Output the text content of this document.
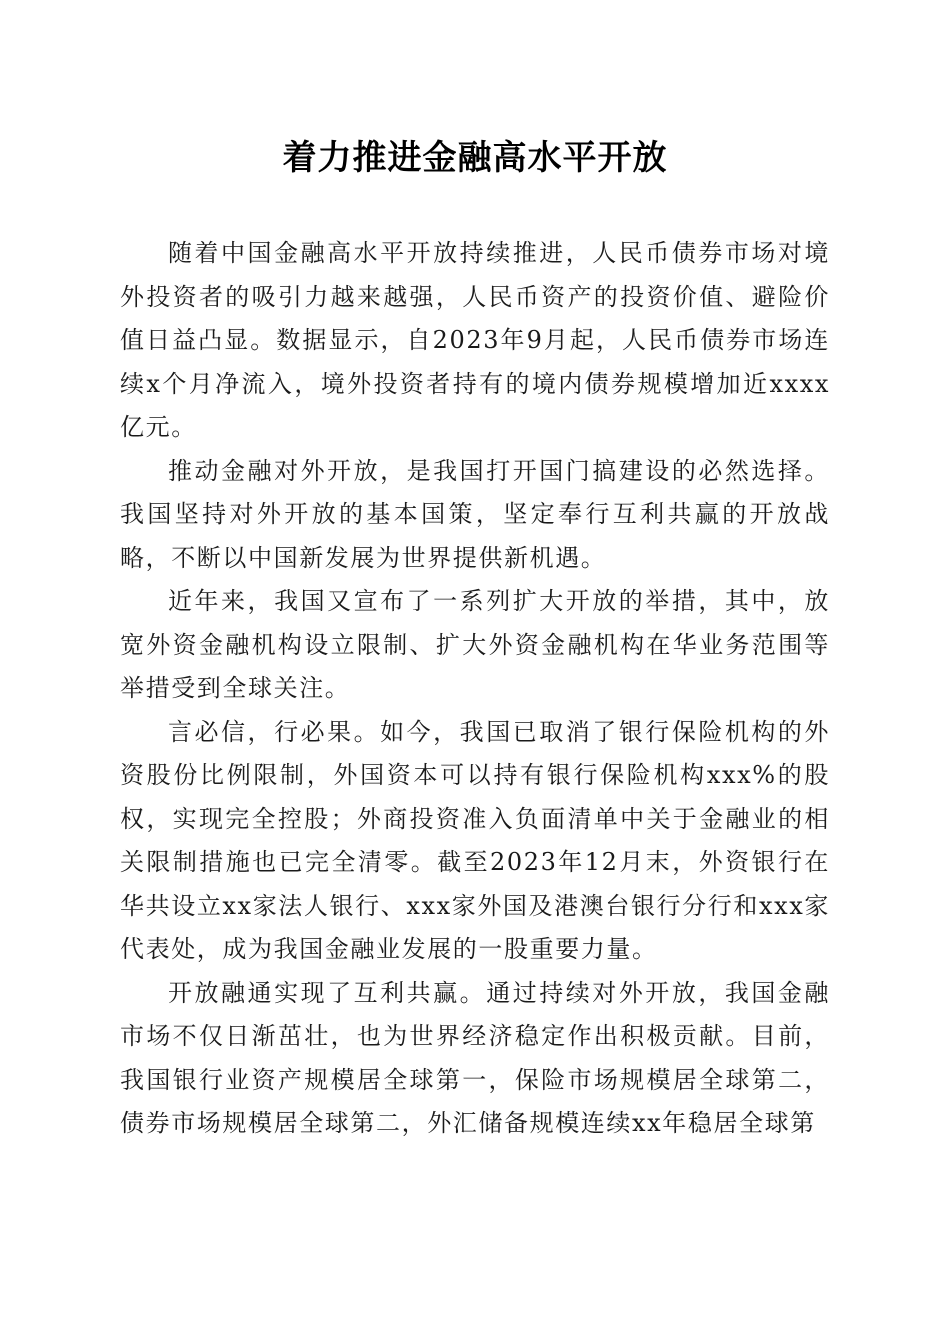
着力推进金融高水平开放

随着中国金融高水平开放持续推进，人民币债券市场对境外投资者的吸引力越来越强，人民币资产的投资价值、避险价值日益凸显。数据显示，自2023年9月起，人民币债券市场连续x个月净流入，境外投资者持有的境内债券规模增加近xxxx亿元。

推动金融对外开放，是我国打开国门搞建设的必然选择。我国坚持对外开放的基本国策，坚定奉行互利共赢的开放战略，不断以中国新发展为世界提供新机遇。

近年来，我国又宣布了一系列扩大开放的举措，其中，放宽外资金融机构设立限制、扩大外资金融机构在华业务范围等举措受到全球关注。

言必信，行必果。如今，我国已取消了银行保险机构的外资股份比例限制，外国资本可以持有银行保险机构xxx%的股权，实现完全控股；外商投资准入负面清单中关于金融业的相关限制措施也已完全清零。截至2023年12月末，外资银行在华共设立xx家法人银行、xxx家外国及港澳台银行分行和xxx家代表处，成为我国金融业发展的一股重要力量。

开放融通实现了互利共赢。通过持续对外开放，我国金融市场不仅日渐茁壮，也为世界经济稳定作出积极贡献。目前，我国银行业资产规模居全球第一，保险市场规模居全球第二，债券市场规模居全球第二，外汇储备规模连续xx年稳居全球第
